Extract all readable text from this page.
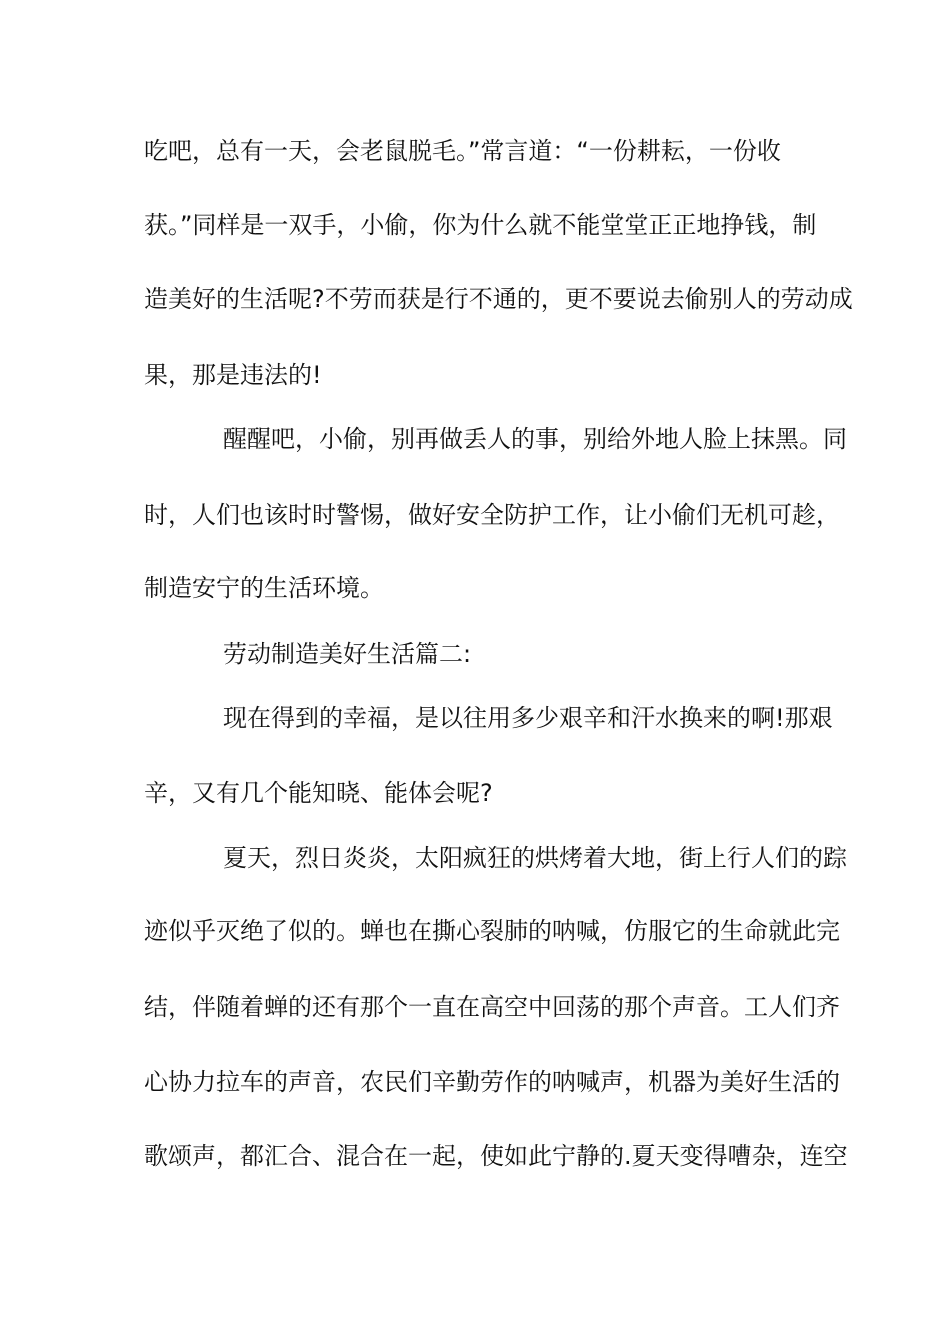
吃吧，总有一天，会老鼠脱毛。”常言道：“一份耕耘，一份收
获。”同样是一双手，小偷，你为什么就不能堂堂正正地挣钱，制
造美好的生活呢?不劳而获是行不通的，更不要说去偷别人的劳动成
果，那是违法的!
醒醒吧，小偷，别再做丢人的事，别给外地人脸上抹黑。同
时，人们也该时时警惕，做好安全防护工作，让小偷们无机可趁，
制造安宁的生活环境。
劳动制造美好生活篇二:
现在得到的幸福，是以往用多少艰辛和汗水换来的啊!那艰
辛，又有几个能知晓、能体会呢?
夏天，烈日炎炎，太阳疯狂的烘烤着大地，街上行人们的踪
迹似乎灭绝了似的。蝉也在撕心裂肺的呐喊，仿服它的生命就此完
结，伴随着蝉的还有那个一直在高空中回荡的那个声音。工人们齐
心协力拉车的声音，农民们辛勤劳作的呐喊声，机器为美好生活的
歌颂声，都汇合、混合在一起，使如此宁静的.夏天变得嘈杂，连空
